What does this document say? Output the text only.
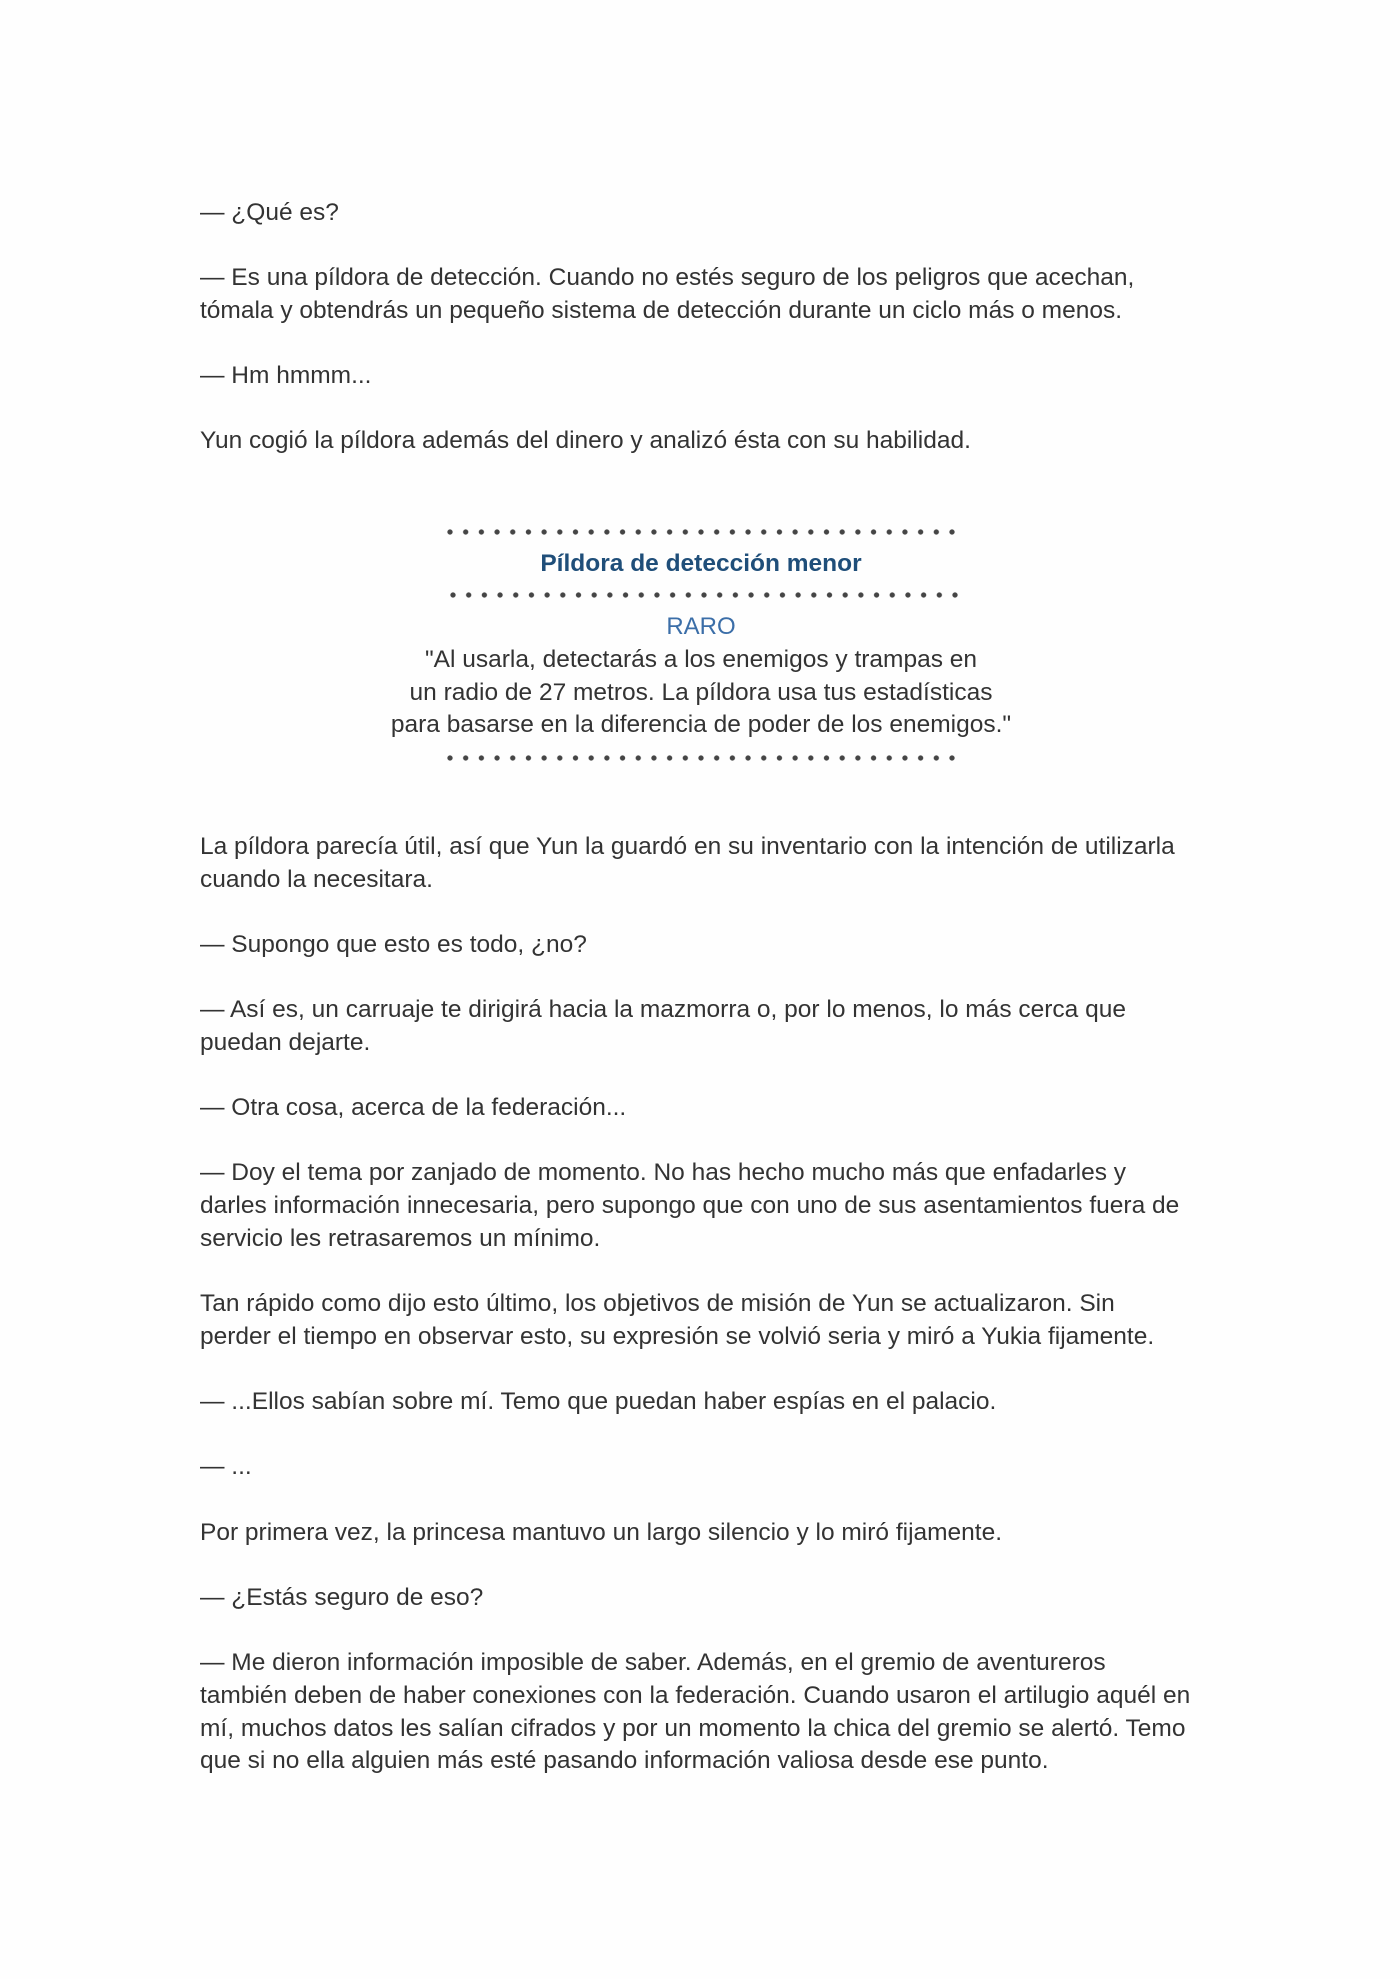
— ¿Qué es?

— Es una píldora de detección. Cuando no estés seguro de los peligros que acechan,
tómala y obtendrás un pequeño sistema de detección durante un ciclo más o menos.

— Hm hmmm...

Yun cogió la píldora además del dinero y analizó ésta con su habilidad.

Píldora de detección menor
RARO
"Al usarla, detectarás a los enemigos y trampas en
un radio de 27 metros. La píldora usa tus estadísticas
para basarse en la diferencia de poder de los enemigos."

La píldora parecía útil, así que Yun la guardó en su inventario con la intención de utilizarla
cuando la necesitara.

— Supongo que esto es todo, ¿no?

— Así es, un carruaje te dirigirá hacia la mazmorra o, por lo menos, lo más cerca que
puedan dejarte.

— Otra cosa, acerca de la federación...

— Doy el tema por zanjado de momento. No has hecho mucho más que enfadarles y
darles información innecesaria, pero supongo que con uno de sus asentamientos fuera de
servicio les retrasaremos un mínimo.

Tan rápido como dijo esto último, los objetivos de misión de Yun se actualizaron. Sin
perder el tiempo en observar esto, su expresión se volvió seria y miró a Yukia fijamente.

— ...Ellos sabían sobre mí. Temo que puedan haber espías en el palacio.

— ...

Por primera vez, la princesa mantuvo un largo silencio y lo miró fijamente.

— ¿Estás seguro de eso?

— Me dieron información imposible de saber. Además, en el gremio de aventureros
también deben de haber conexiones con la federación. Cuando usaron el artilugio aquél en
mí, muchos datos les salían cifrados y por un momento la chica del gremio se alertó. Temo
que si no ella alguien más esté pasando información valiosa desde ese punto.
